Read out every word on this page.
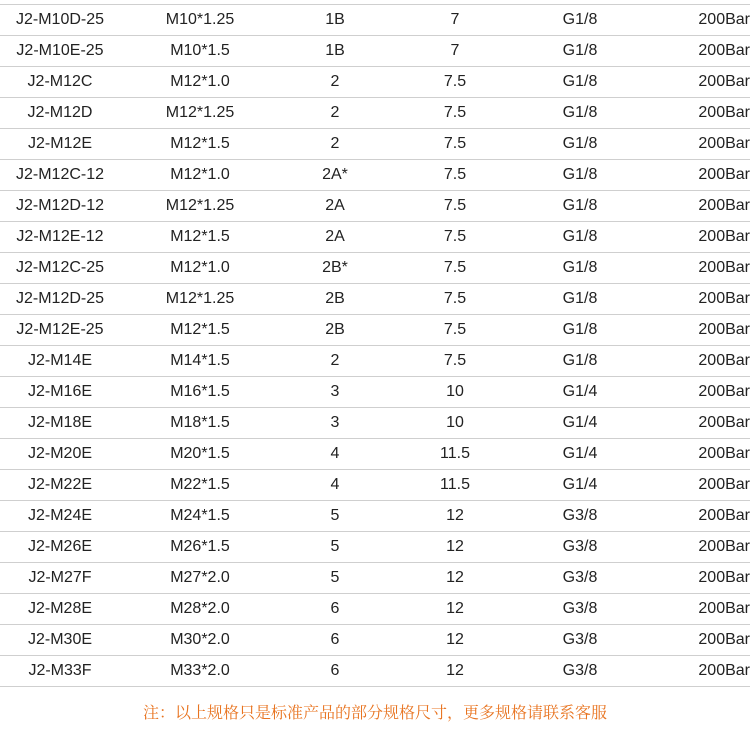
J2-M10D-25	M10*1.25	1B	7	G1/8	200Bar
J2-M10E-25	M10*1.5	1B	7	G1/8	200Bar
J2-M12C	M12*1.0	2	7.5	G1/8	200Bar
J2-M12D	M12*1.25	2	7.5	G1/8	200Bar
J2-M12E	M12*1.5	2	7.5	G1/8	200Bar
J2-M12C-12	M12*1.0	2A*	7.5	G1/8	200Bar
J2-M12D-12	M12*1.25	2A	7.5	G1/8	200Bar
J2-M12E-12	M12*1.5	2A	7.5	G1/8	200Bar
J2-M12C-25	M12*1.0	2B*	7.5	G1/8	200Bar
J2-M12D-25	M12*1.25	2B	7.5	G1/8	200Bar
J2-M12E-25	M12*1.5	2B	7.5	G1/8	200Bar
J2-M14E	M14*1.5	2	7.5	G1/8	200Bar
J2-M16E	M16*1.5	3	10	G1/4	200Bar
J2-M18E	M18*1.5	3	10	G1/4	200Bar
J2-M20E	M20*1.5	4	11.5	G1/4	200Bar
J2-M22E	M22*1.5	4	11.5	G1/4	200Bar
J2-M24E	M24*1.5	5	12	G3/8	200Bar
J2-M26E	M26*1.5	5	12	G3/8	200Bar
J2-M27F	M27*2.0	5	12	G3/8	200Bar
J2-M28E	M28*2.0	6	12	G3/8	200Bar
J2-M30E	M30*2.0	6	12	G3/8	200Bar
J2-M33F	M33*2.0	6	12	G3/8	200Bar
注：以上规格只是标准产品的部分规格尺寸，更多规格请联系客服
